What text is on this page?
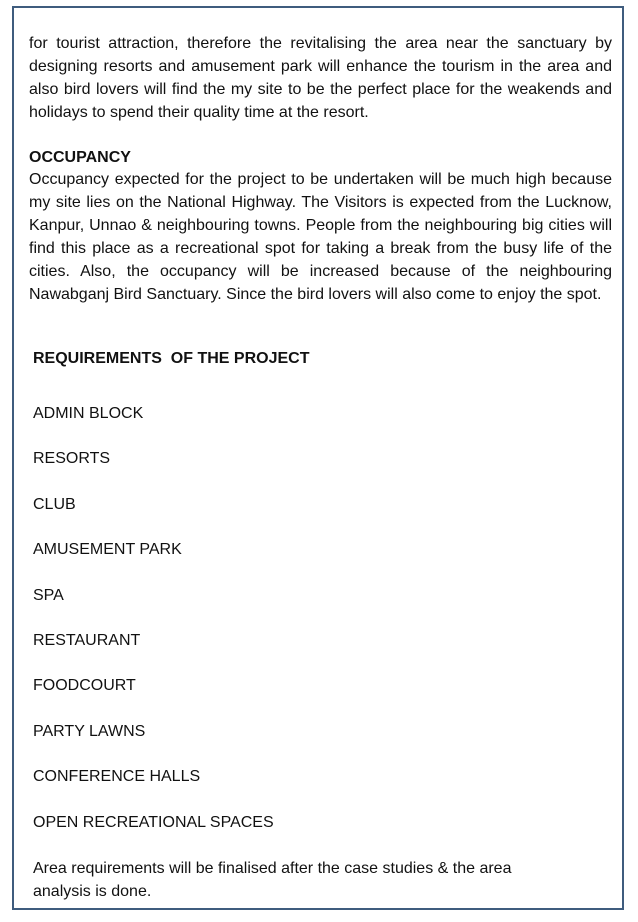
for tourist attraction, therefore the revitalising the area near the sanctuary by designing resorts and amusement park will enhance the tourism in the area and also bird lovers will find the my site to be the perfect place for the weakends and holidays to spend their quality time at the resort.

OCCUPANCY

Occupancy expected for the project to be undertaken will be much high because my site lies on the National Highway. The Visitors is expected from the Lucknow, Kanpur, Unnao & neighbouring towns. People from the neighbouring big cities will find this place as a recreational spot for taking a break from the busy life of the cities. Also, the occupancy will be increased because of the neighbouring Nawabganj Bird Sanctuary. Since the bird lovers will also come to enjoy the spot.

REQUIREMENTS  OF THE PROJECT

ADMIN BLOCK
RESORTS
CLUB
AMUSEMENT PARK
SPA
RESTAURANT
FOODCOURT
PARTY LAWNS
CONFERENCE HALLS
OPEN RECREATIONAL SPACES

Area requirements will be finalised after the case studies & the area analysis is done.
